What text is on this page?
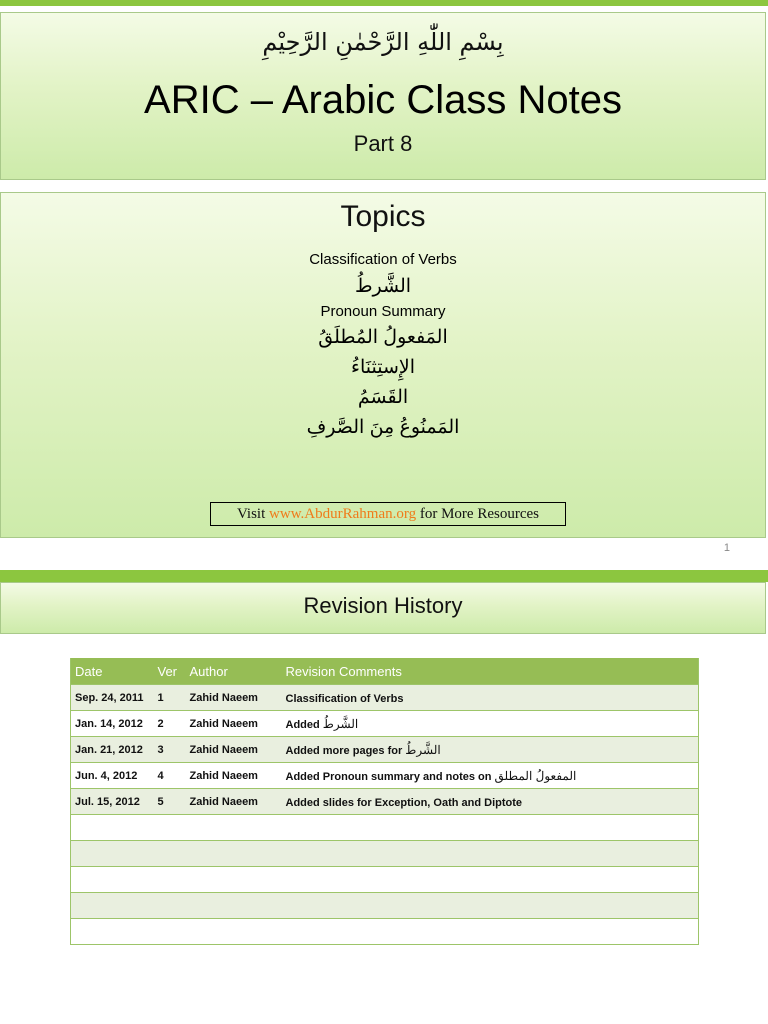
بِسْمِ اللّٰهِ الرَّحْمٰنِ الرَّحِيْمِ
ARIC – Arabic Class Notes
Part 8
Topics
Classification of Verbs
الشَّرطُ
Pronoun Summary
المَفعولُ المُطلَقُ
الإِستِثنَاءُ
القَسَمُ
المَمنُوعُ مِنَ الصَّرفِ
Visit www.AbdurRahman.org for More Resources
1
Revision History
Date	Ver	Author	Revision Comments
Sep. 24, 2011	1	Zahid Naeem	Classification of Verbs
Jan. 14, 2012	2	Zahid Naeem	Added الشَّرطُ
Jan. 21, 2012	3	Zahid Naeem	Added more pages for الشَّرطُ
Jun. 4, 2012	4	Zahid Naeem	Added Pronoun summary and notes on المفعولُ المطلق
Jul. 15, 2012	5	Zahid Naeem	Added slides for Exception, Oath and Diptote
